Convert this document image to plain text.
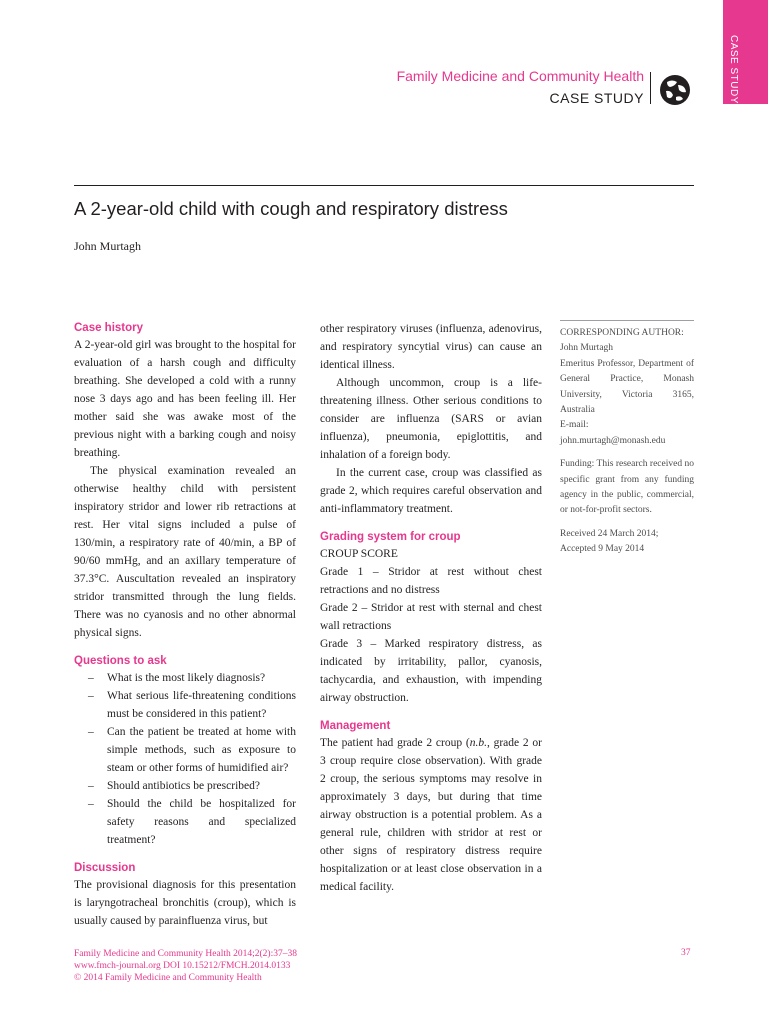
CASE STUDY
Family Medicine and Community Health
CASE STUDY
A 2-year-old child with cough and respiratory distress
John Murtagh
Case history

A 2-year-old girl was brought to the hospital for evaluation of a harsh cough and difficulty breathing. She developed a cold with a runny nose 3 days ago and has been feeling ill. Her mother said she was awake most of the previous night with a barking cough and noisy breathing.

The physical examination revealed an otherwise healthy child with persistent inspiratory stridor and lower rib retractions at rest. Her vital signs included a pulse of 130/min, a respiratory rate of 40/min, a BP of 90/60 mmHg, and an axillary temperature of 37.3°C. Auscultation revealed an inspiratory stridor transmitted through the lung fields. There was no cyanosis and no other abnormal physical signs.

Questions to ask
– What is the most likely diagnosis?
– What serious life-threatening conditions must be considered in this patient?
– Can the patient be treated at home with simple methods, such as exposure to steam or other forms of humidified air?
– Should antibiotics be prescribed?
– Should the child be hospitalized for safety reasons and specialized treatment?
Discussion

The provisional diagnosis for this presentation is laryngotracheal bronchitis (croup), which is usually caused by parainfluenza virus, but

other respiratory viruses (influenza, adenovirus, and respiratory syncytial virus) can cause an identical illness.

Although uncommon, croup is a life-threatening illness. Other serious conditions to consider are influenza (SARS or avian influenza), pneumonia, epiglottitis, and inhalation of a foreign body.

In the current case, croup was classified as grade 2, which requires careful observation and anti-inflammatory treatment.

Grading system for croup

CROUP SCORE

Grade 1 – Stridor at rest without chest retractions and no distress

Grade 2 – Stridor at rest with sternal and chest wall retractions

Grade 3 – Marked respiratory distress, as indicated by irritability, pallor, cyanosis, tachycardia, and exhaustion, with impending airway obstruction.

Management

The patient had grade 2 croup (n.b., grade 2 or 3 croup require close observation). With grade 2 croup, the serious symptoms may resolve in approximately 3 days, but during that time airway obstruction is a potential problem. As a general rule, children with stridor at rest or other signs of respiratory distress require hospitalization or at least close observation in a medical facility.

CORRESPONDING AUTHOR:

John Murtagh

Emeritus Professor, Department of General Practice, Monash University, Victoria 3165, Australia

E-mail: john.murtagh@monash.edu

Funding: This research received no specific grant from any funding agency in the public, commercial, or not-for-profit sectors.

Received 24 March 2014;

Accepted 9 May 2014

Family Medicine and Community Health 2014;2(2):37–38
www.fmch-journal.org DOI 10.15212/FMCH.2014.0133
© 2014 Family Medicine and Community Health
37
